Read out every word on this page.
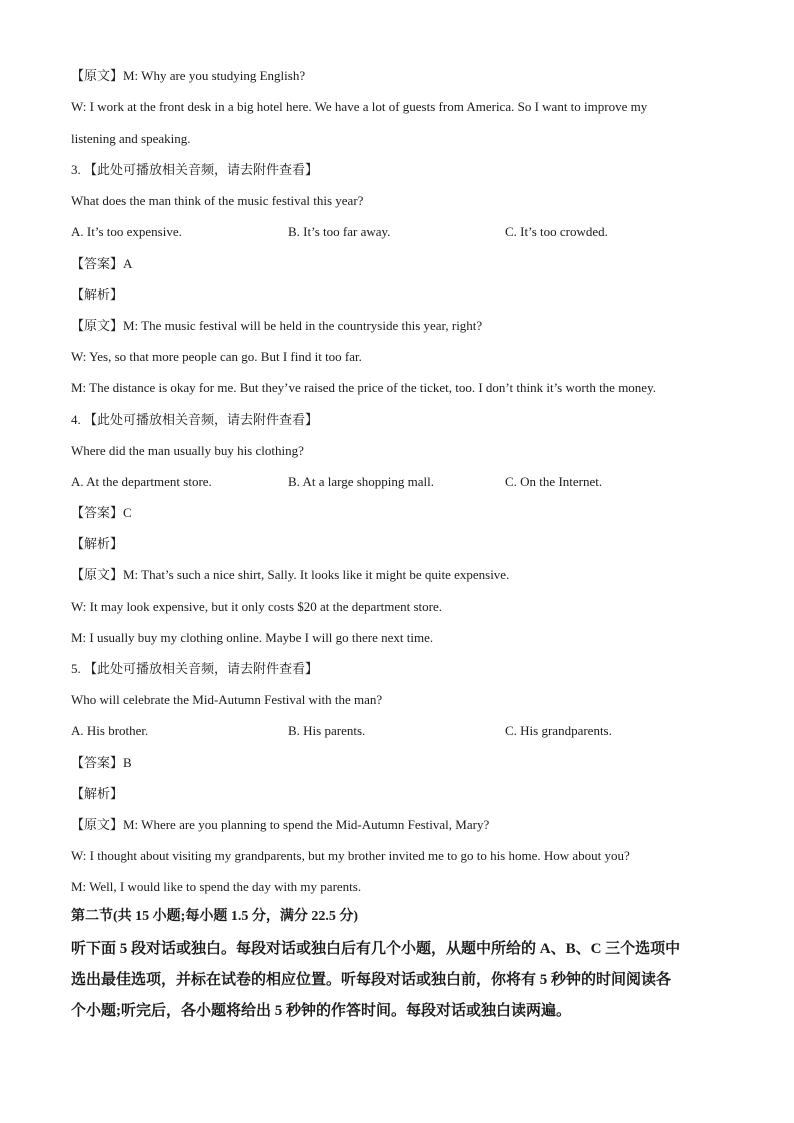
【原文】M: Why are you studying English?
W: I work at the front desk in a big hotel here. We have a lot of guests from America. So I want to improve my
listening and speaking.
3. 【此处可播放相关音频，请去附件查看】
What does the man think of the music festival this year?
A. It’s too expensive.	B. It’s too far away.	C. It’s too crowded.
【答案】A
【解析】
【原文】M: The music festival will be held in the countryside this year, right?
W: Yes, so that more people can go. But I find it too far.
M: The distance is okay for me. But they’ve raised the price of the ticket, too. I don’t think it’s worth the money.
4. 【此处可播放相关音频，请去附件查看】
Where did the man usually buy his clothing?
A. At the department store.	B. At a large shopping mall.	C. On the Internet.
【答案】C
【解析】
【原文】M: That’s such a nice shirt, Sally. It looks like it might be quite expensive.
W: It may look expensive, but it only costs $20 at the department store.
M: I usually buy my clothing online. Maybe I will go there next time.
5. 【此处可播放相关音频，请去附件查看】
Who will celebrate the Mid-Autumn Festival with the man?
A. His brother.	B. His parents.	C. His grandparents.
【答案】B
【解析】
【原文】M: Where are you planning to spend the Mid-Autumn Festival, Mary?
W: I thought about visiting my grandparents, but my brother invited me to go to his home. How about you?
M: Well, I would like to spend the day with my parents.
第二节(共 15 小题;每小题 1.5 分，满分 22.5 分)
听下面 5 段对话或独白。每段对话或独白后有几个小题，从题中所给的 A、B、C 三个选项中
选出最佳选项，并标在试卷的相应位置。听每段对话或独白前，你将有 5 秒钟的时间阅读各
个小题;听完后，各小题将给出 5 秒钟的作答时间。每段对话或独白读两遍。
